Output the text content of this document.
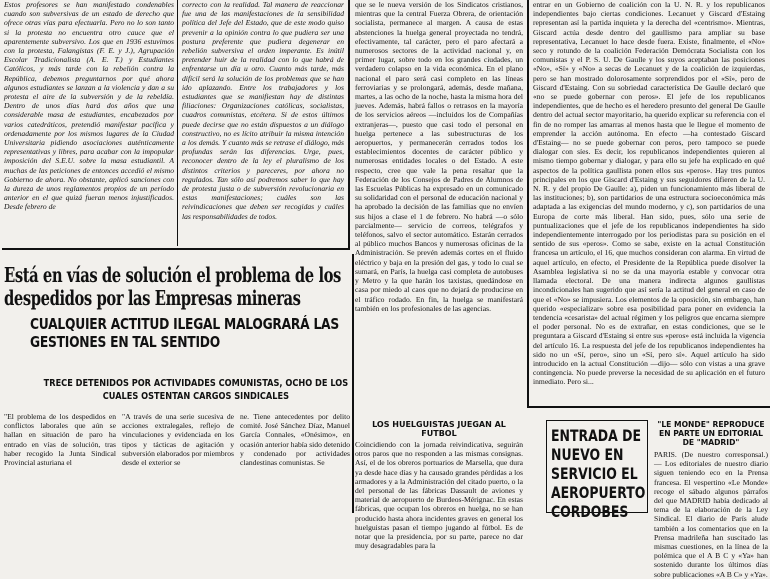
Estos profesores se han manifestado condenables cuando son subversivas de un estado de derecho que ofrece otras vías para efectuarla. Pero no lo son tanto si la protesta no encuentra otro cauce que el aparentemente subversivo. Los que en 1936 estuvimos con la protesta, Falangistas (F. E. y J.), Agrupación Escolar Tradicionalista (A. E. T.) y Estudiantes Católicos, y más tarde con la rebelión contra la República, debemos preguntarnos por qué ahora algunos estudiantes se lanzan a la violencia y dan a su protesta el aire de la subversión y de la rebeldía. Dentro de unos días hará dos años que una considerable masa de estudiantes, encabezados por varios catedráticos, pretendió manifestar pacífica y ordenadamente por los mismos lugares de la Ciudad Universitaria pidiendo asociaciones auténticamente representativas y libres, para acabar con la impopular imposición del S.E.U. sobre la masa estudiantil. A muchas de las peticiones de entonces accedió el mismo Gobierno de ahora. No obstante, aplicó sanciones con la dureza de unos reglamentos propios de un período anterior en el que quizá fueran menos injustificados. Desde febrero de

correcto con la realidad. Tal manera de reaccionar fue una de las manifestaciones de la sensibilidad política del Jefe del Estado, que de este modo quiso prevenir a la opinión contra lo que pudiera ser una postura preferente que pudiera degenerar en rebelión subversiva el orden imperante. Es inútil pretender huir de la realidad con lo que habrá de enfrentarse un día u otro. Cuanto más tarde, más difícil será la solución de los problemas que se han ido aplazando. Entre los trabajadores y los estudiantes que se manifiestan hay de distintas filiaciones: Organizaciones católicas, socialistas, cuadros comunistas, etcétera. Si de estos últimos puede decirse que no están dispuestos a un diálogo constructivo, no es lícito atribuir la misma intención a los demás. Y cuanto más se retrase el diálogo, más profundas serán las diferencias. Urge, pues, reconocer dentro de la ley el pluralismo de los distintos criterios y pareceres, por ahora no regulados. Tan sólo así podremos saber lo que hay de protesta justa o de subversión revolucionaria en estas manifestaciones; cuáles son las reivindicaciones que deben ser recogidas y cuáles las responsabilidades de todos.

que se le nueva versión de los Sindicatos cristianos, mientras que la central Fuerza Obrera, de orientación socialista, permanece al margen. A causa de estas abstenciones la huelga general proyectada no tendrá, efectivamente, tal carácter, pero el paro afectará a numerosos sectores de la actividad nacional y, en primer lugar, sobre todo en los grandes ciudades, un verdadero colapso en la vida económica. En el plano nacional el paro será casi completo en las líneas ferroviarias y se prolongará, además, desde mañana, martes, a las ocho de la noche, hasta la misma hora del jueves. Además, habrá fallos o retrasos en la mayoría de los servicios aéreos —incluidos los de Compañías extranjeras—, puesto que casi todo el personal en huelga pertenece a las subestructuras de los aeropuertos, y permanecerán cerrados todos los establecimientos docentes de carácter público y numerosas entidades locales o del Estado. A este respecto, cree que vale la pena resaltar que la Federación de los Consejos de Padres de Alumnos de las Escuelas Públicas ha expresado en un comunicado su solidaridad con el personal de educación nacional y ha aprobado la decisión de las familias que no envíen sus hijos a clase el 1 de febrero. No habrá —o sólo parcialmente— servicio de correos, telégrafos y teléfonos, salvo el sector automático. Estarán cerrados al público muchos Bancos y numerosas oficinas de la Administración. Se prevén además cortes en el fluido eléctrico y baja en la presión del gas, y todo lo cual se sumará, en París, la huelga casi completa de autobuses y Metro y la que harán los taxistas, quedándose en casa por miedo al caos que no dejará de producirse en el tráfico rodado. En fin, la huelga se manifestará también en los profesionales de las agencias.

LOS HUELGUISTAS JUEGAN AL FUTBOL

Coincidiendo con la jornada reivindicativa, seguirán otros paros que no responden a las mismas consignas. Así, el de los obreros portuarios de Marsella, que dura ya desde hace días y ha causado grandes pérdidas a los armadores y a la Administración del citado puerto, o la del personal de las fábricas Dassault de aviones y material de aeropuerto de Burdeos-Mérignac. En estas fábricas, que ocupan los obreros en huelga, no se han producido hasta ahora incidentes graves en general los huelguistas pasan el tiempo jugando al fútbol. Es de notar que la presidencia, por su parte, parece no dar muy desagradables para la

entrar en un Gobierno de coalición con la U. N. R. y los republicanos independientes bajo ciertas condiciones. Lecanuet y Giscard d'Estaing representan así la partida inquieta y la derecha del «centrismo». Mientras, Giscard actúa desde dentro del gaullismo para ampliar su base representativa, Lecanuet lo hace desde fuera. Existe, finalmente, el «No» seco y rotundo de la coalición Federación Demócrata Socialista con los comunistas y el P. S. U. De Gaulle y los suyos aceptaban las posiciones «No», «Sí» y «No» a secas de Lecanuet y de la coalición de izquierdas, pero se han mostrado dolorosamente sorprendidos por el «Sí», pero de Giscard d'Estaing. Con su sobriedad característica De Gaulle declaró que «no se puede gobernar con peros». El jefe de los republicanos independientes, que de hecho es el heredero presunto del general De Gaulle dentro del actual sector mayoritario, ha querido explicar su referencia con el fin de no romper las amarras al menos hasta que le llegue el momento de emprender la acción autónoma. En efecto —ha contestado Giscard d'Estaing— no se puede gobernar con peros, pero tampoco se puede dialogar con síes. Es decir, los republicanos independientes quieren al mismo tiempo gobernar y dialogar, y para ello su jefe ha explicado en qué aspectos de la política gaullista ponen ellos sus «peros». Hay tres puntos principales en los que Giscard d'Estaing y sus seguidores difieren de la U. N. R. y del propio De Gaulle: a), piden un funcionamiento más liberal de las instituciones; b), son partidarios de una estructura socioeconómica más adaptada a las exigencias del mundo moderno, y c), son partidarios de una Europa de corte más liberal. Han sido, pues, sólo una serie de puntualizaciones que el jefe de los republicanos independientes ha sido independientemente interrogado por los periodistas para su posición en el sentido de sus «peros». Como se sabe, existe en la actual Constitución francesa un artículo, el 16, que muchos consideran con alarma. En virtud de aquel artículo, en efecto, el Presidente de la República puede disolver la Asamblea legislativa si no se da una mayoría estable y convocar otra llamada electoral. De una manera indirecta algunos gaullistas incondicionales han sugerido que así sería la actitud del general en caso de que el «No» se impusiera. Los elementos de la oposición, sin embargo, han querido «especializar» sobre esa posibilidad para poner en evidencia la tendencia «cesarista» del actual régimen y los peligros que encarna siempre el poder personal. No es de extrañar, en estas condiciones, que se le preguntara a Giscard d'Estaing si entre sus «peros» está incluida la vigencia del artículo 16. La respuesta del jefe de los republicanos independientes ha sido no un «Sí, pero», sino un «Sí, pero sí». Aquel artículo ha sido introducido en la actual Constitución —dijo— sólo con vistas a una grave contingencia. No puede preverse la necesidad de su aplicación en el futuro inmediato. Pero si...

Está en vías de solución el problema de los despedidos por las Empresas mineras

CUALQUIER ACTITUD ILEGAL MALOGRARÁ LAS GESTIONES EN TAL SENTIDO

TRECE DETENIDOS POR ACTIVIDADES COMUNISTAS, OCHO DE LOS CUALES OSTENTAN CARGOS SINDICALES

"El problema de los despedidos en conflictos laborales que aún se hallan en situación de paro ha entrado en vías de solución, tras haber recogido la Junta Sindical Provincial asturiana el

"A través de una serie sucesiva de acciones extralegales, reflejo de vinculaciones y evidenciada en los tipos y tácticas de agitación y subversión elaborados por miembros desde el exterior se

ne. Tiene antecedentes por delito comité. José Sánchez Díaz, Manuel García Connales, «Onésimo», en ocasión anterior había sido detenido y condenado por actividades clandestinas comunistas. Se

ENTRADA DE NUEVO EN SERVICIO EL AEROPUERTO CORDOBES

"LE MONDE" REPRODUCE EN PARTE UN EDITORIAL DE "MADRID"

PARIS. (De nuestro corresponsal.) — Los editoriales de nuestro diario siguen teniendo eco en la Prensa francesa. El vespertino «Le Monde» recoge el sábado algunos párrafos del que MADRID había dedicado al tema de la elaboración de la Ley Sindical. El diario de París alude también a los comentarios que en la Prensa madrileña han suscitado las mismas cuestiones, en la línea de la polémica que el A B C y «Ya» han sostenido durante los últimos días sobre publicaciones «A B C» y «Ya».
